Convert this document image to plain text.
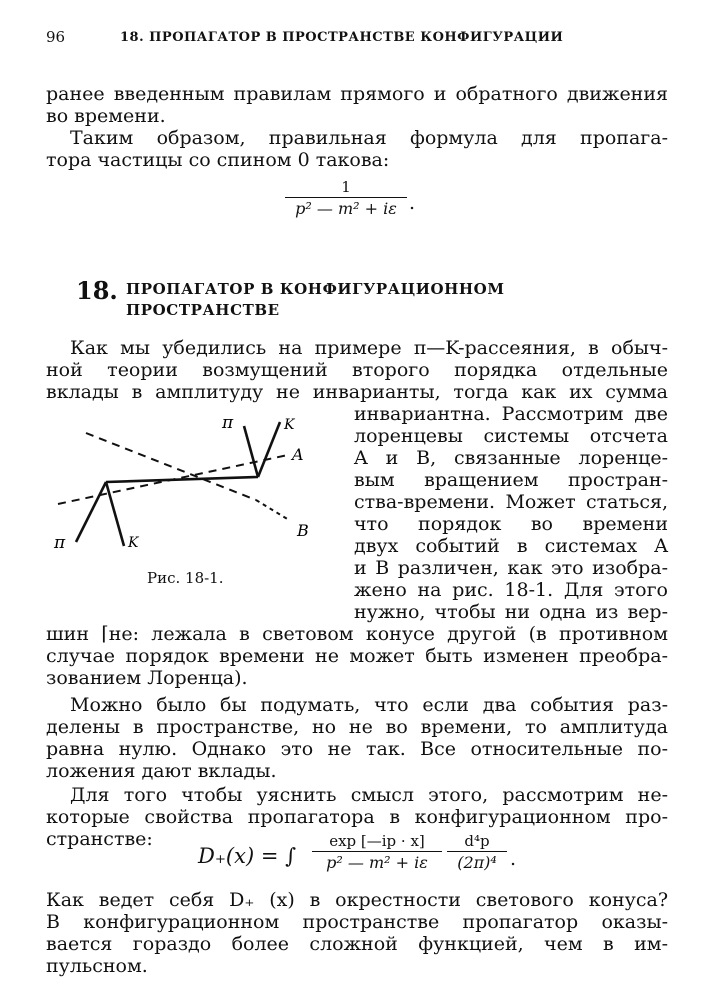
96	18. ПРОПАГАТОР В ПРОСТРАНСТВЕ КОНФИГУРАЦИИ
ранее введенным правилам прямого и обратного движения
во времени.
Таким образом, правильная формула для пропага-
тора частицы со спином 0 такова:
1
p² — m² + iε .
18. ПРОПАГАТОР В КОНФИГУРАЦИОННОМ
ПРОСТРАНСТВЕ
Как мы убедились на примере π—K-рассеяния, в обыч-
ной теории возмущений второго порядка отдельные
вклады в амплитуду не инварианты, тогда как их сумма
инвариантна. Рассмотрим две
лоренцевы системы отсчета
A и B, связанные лоренце-
вым вращением простран-
ства-времени. Может статься,
что порядок во времени
двух событий в системах A
и B различен, как это изобра-
жено на рис. 18-1. Для этого
нужно, чтобы ни одна из вер-
π	K
A
B
π	K
Рис. 18-1.
шин ⌈не: лежала в световом конусе другой (в противном
случае порядок времени не может быть изменен преобра-
зованием Лоренца).
Можно было бы подумать, что если два события раз-
делены в пространстве, но не во времени, то амплитуда
равна нулю. Однако это не так. Все относительные по-
ложения дают вклады.
Для того чтобы уяснить смысл этого, рассмотрим не-
которые свойства пропагатора в конфигурационном про-
странстве:
D₊(x) = ∫
exp [—ip · x]
p² — m² + iε
d⁴p
(2π)⁴ .
Как ведет себя D₊ (x) в окрестности светового конуса?
В конфигурационном пространстве пропагатор оказы-
вается гораздо более сложной функцией, чем в им-
пульсном.
